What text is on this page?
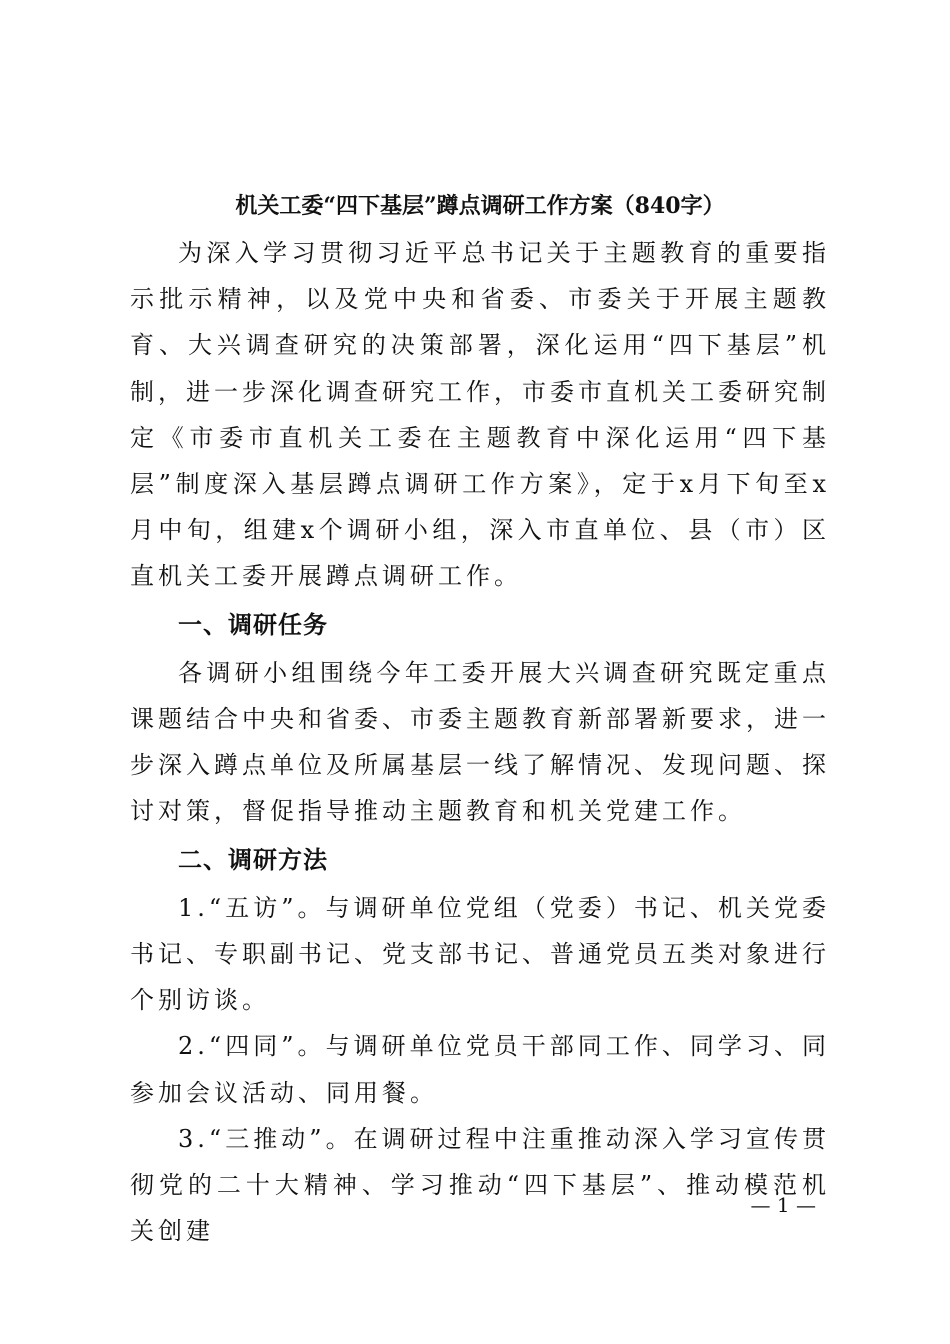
机关工委“四下基层”蹲点调研工作方案（840字）

为深入学习贯彻习近平总书记关于主题教育的重要指示批示精神，以及党中央和省委、市委关于开展主题教育、大兴调查研究的决策部署，深化运用“四下基层”机制，进一步深化调查研究工作，市委市直机关工委研究制定《市委市直机关工委在主题教育中深化运用“四下基层”制度深入基层蹲点调研工作方案》，定于x月下旬至x月中旬，组建x个调研小组，深入市直单位、县（市）区直机关工委开展蹲点调研工作。

一、调研任务

各调研小组围绕今年工委开展大兴调查研究既定重点课题结合中央和省委、市委主题教育新部署新要求，进一步深入蹲点单位及所属基层一线了解情况、发现问题、探讨对策，督促指导推动主题教育和机关党建工作。

二、调研方法

1.“五访”。与调研单位党组（党委）书记、机关党委书记、专职副书记、党支部书记、普通党员五类对象进行个别访谈。

2.“四同”。与调研单位党员干部同工作、同学习、同参加会议活动、同用餐。

3.“三推动”。在调研过程中注重推动深入学习宣传贯彻党的二十大精神、学习推动“四下基层”、推动模范机关创建

— 1 —
